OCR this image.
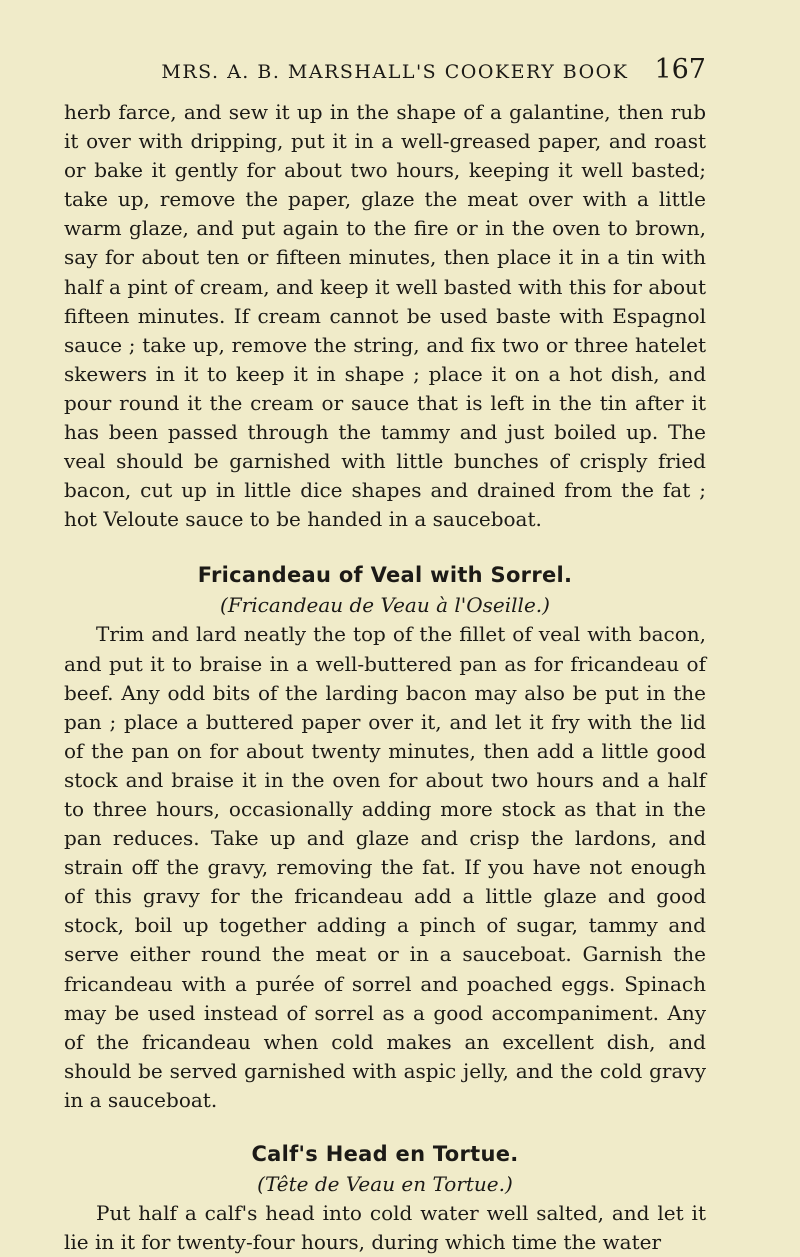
MRS. A. B. MARSHALL'S COOKERY BOOK 167

herb farce, and sew it up in the shape of a galantine, then rub it over with dripping, put it in a well-greased paper, and roast or bake it gently for about two hours, keeping it well basted; take up, remove the paper, glaze the meat over with a little warm glaze, and put again to the fire or in the oven to brown, say for about ten or fifteen minutes, then place it in a tin with half a pint of cream, and keep it well basted with this for about fifteen minutes. If cream cannot be used baste with Espagnol sauce ; take up, remove the string, and fix two or three hatelet skewers in it to keep it in shape ; place it on a hot dish, and pour round it the cream or sauce that is left in the tin after it has been passed through the tammy and just boiled up. The veal should be garnished with little bunches of crisply fried bacon, cut up in little dice shapes and drained from the fat ; hot Veloute sauce to be handed in a sauceboat.

Fricandeau of Veal with Sorrel.

(Fricandeau de Veau à l'Oseille.)

Trim and lard neatly the top of the fillet of veal with bacon, and put it to braise in a well-buttered pan as for fricandeau of beef. Any odd bits of the larding bacon may also be put in the pan ; place a buttered paper over it, and let it fry with the lid of the pan on for about twenty minutes, then add a little good stock and braise it in the oven for about two hours and a half to three hours, occasionally adding more stock as that in the pan reduces. Take up and glaze and crisp the lardons, and strain off the gravy, removing the fat. If you have not enough of this gravy for the fricandeau add a little glaze and good stock, boil up together adding a pinch of sugar, tammy and serve either round the meat or in a sauceboat. Garnish the fricandeau with a purée of sorrel and poached eggs. Spinach may be used instead of sorrel as a good accompaniment. Any of the fricandeau when cold makes an excellent dish, and should be served garnished with aspic jelly, and the cold gravy in a sauceboat.

Calf's Head en Tortue.

(Tête de Veau en Tortue.)

Put half a calf's head into cold water well salted, and let it lie in it for twenty-four hours, during which time the water
